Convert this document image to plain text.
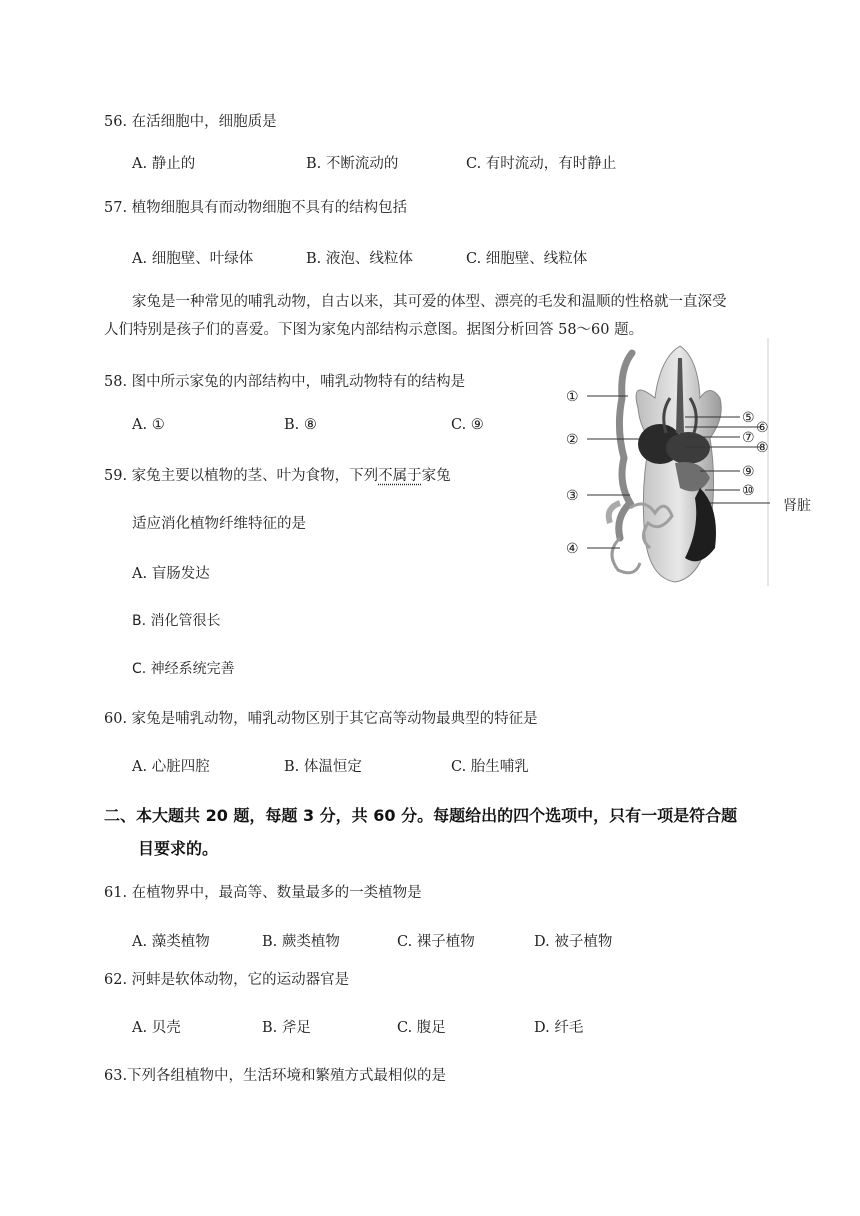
56. 在活细胞中，细胞质是
A. 静止的	B. 不断流动的	C. 有时流动，有时静止
57. 植物细胞具有而动物细胞不具有的结构包括
A. 细胞壁、叶绿体	B. 液泡、线粒体	C. 细胞壁、线粒体
家兔是一种常见的哺乳动物，自古以来，其可爱的体型、漂亮的毛发和温顺的性格就一直深受
人们特别是孩子们的喜爱。下图为家兔内部结构示意图。据图分析回答 58～60 题。
58. 图中所示家兔的内部结构中，哺乳动物特有的结构是
A. ①	B. ⑧	C. ⑨
59. 家兔主要以植物的茎、叶为食物，下列不属于家兔
适应消化植物纤维特征的是
A. 盲肠发达
B. 消化管很长
C. 神经系统完善
①
②
③
④
⑤
⑥
⑦
⑧
⑨
⑩
肾脏
60. 家兔是哺乳动物，哺乳动物区别于其它高等动物最典型的特征是
A. 心脏四腔	B. 体温恒定	C. 胎生哺乳
二、本大题共 20 题，每题 3 分，共 60 分。每题给出的四个选项中，只有一项是符合题
目要求的。
61. 在植物界中，最高等、数量最多的一类植物是
A. 藻类植物	B. 蕨类植物	C. 裸子植物	D. 被子植物
62. 河蚌是软体动物，它的运动器官是
A. 贝壳	B. 斧足	C. 腹足	D. 纤毛
63.下列各组植物中，生活环境和繁殖方式最相似的是
